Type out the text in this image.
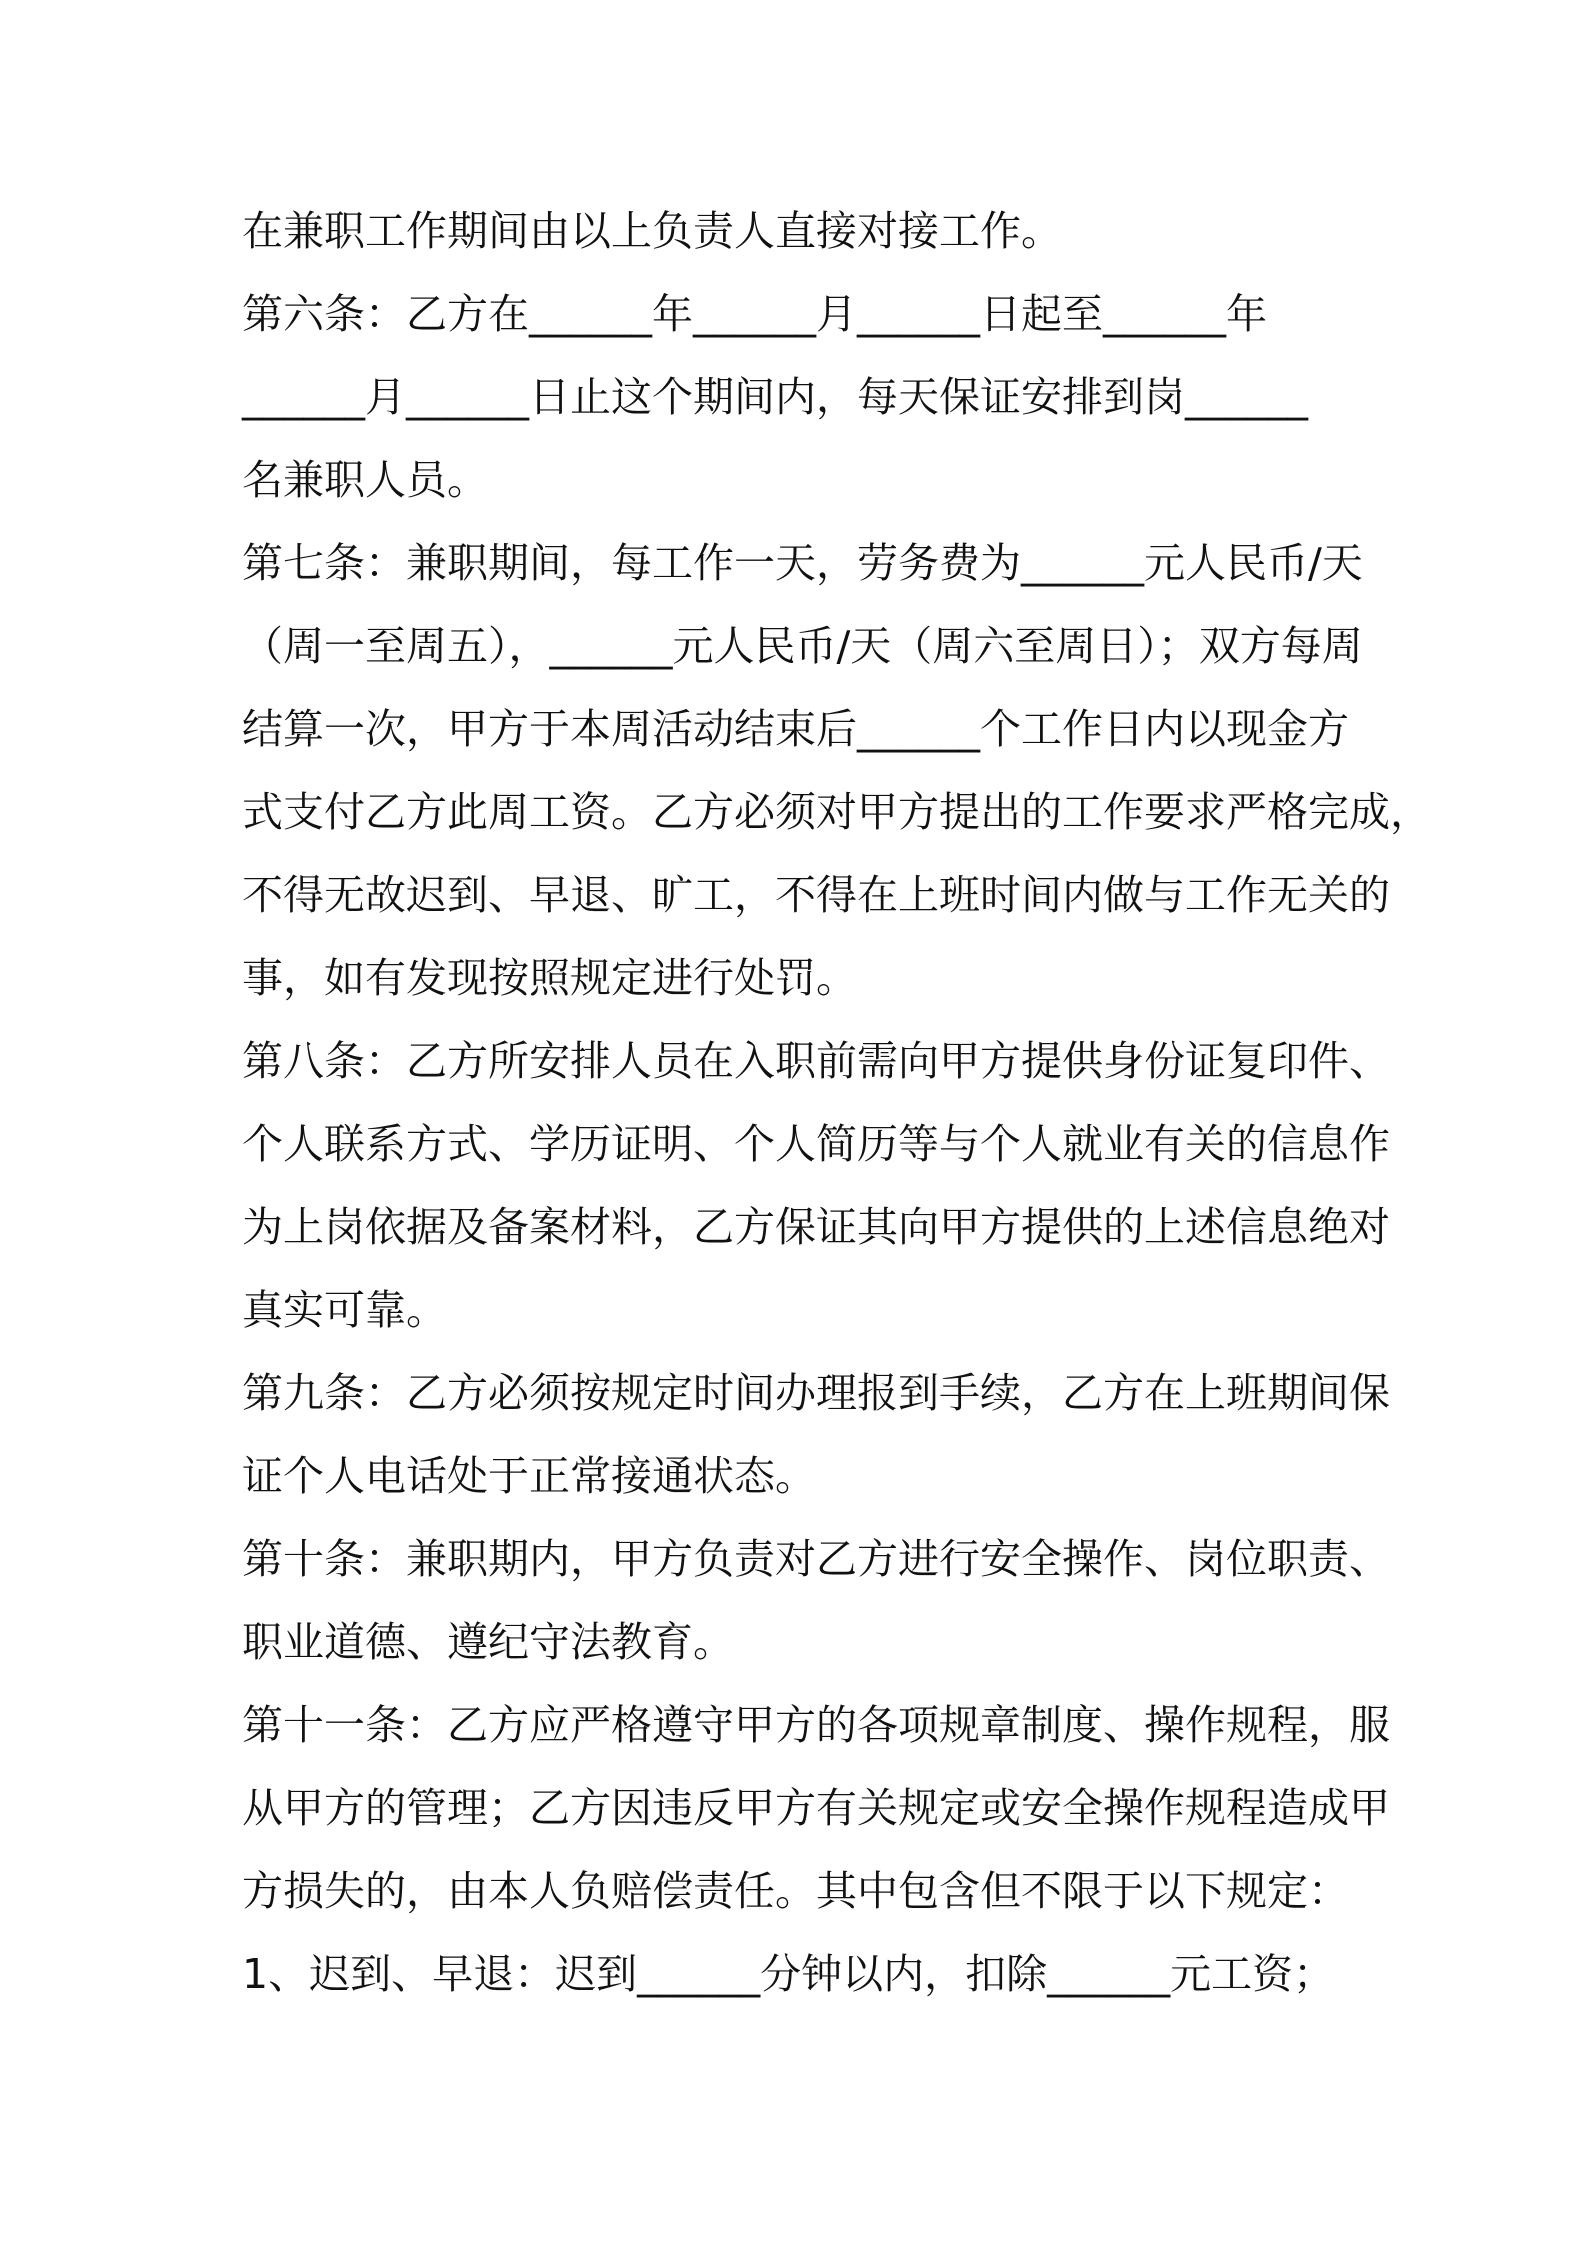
在兼职工作期间由以上负责人直接对接工作。

第六条：乙方在______年______月______日起至______年
______月______日止这个期间内，每天保证安排到岗______
名兼职人员。

第七条：兼职期间，每工作一天，劳务费为______元人民币/天
（周一至周五），______元人民币/天（周六至周日）；双方每周
结算一次，甲方于本周活动结束后______个工作日内以现金方
式支付乙方此周工资。乙方必须对甲方提出的工作要求严格完成，
不得无故迟到、早退、旷工，不得在上班时间内做与工作无关的
事，如有发现按照规定进行处罚。

第八条：乙方所安排人员在入职前需向甲方提供身份证复印件、
个人联系方式、学历证明、个人简历等与个人就业有关的信息作
为上岗依据及备案材料，乙方保证其向甲方提供的上述信息绝对
真实可靠。

第九条：乙方必须按规定时间办理报到手续，乙方在上班期间保
证个人电话处于正常接通状态。

第十条：兼职期内，甲方负责对乙方进行安全操作、岗位职责、
职业道德、遵纪守法教育。

第十一条：乙方应严格遵守甲方的各项规章制度、操作规程，服
从甲方的管理；乙方因违反甲方有关规定或安全操作规程造成甲
方损失的，由本人负赔偿责任。其中包含但不限于以下规定：

1、迟到、早退：迟到______分钟以内，扣除______元工资；
